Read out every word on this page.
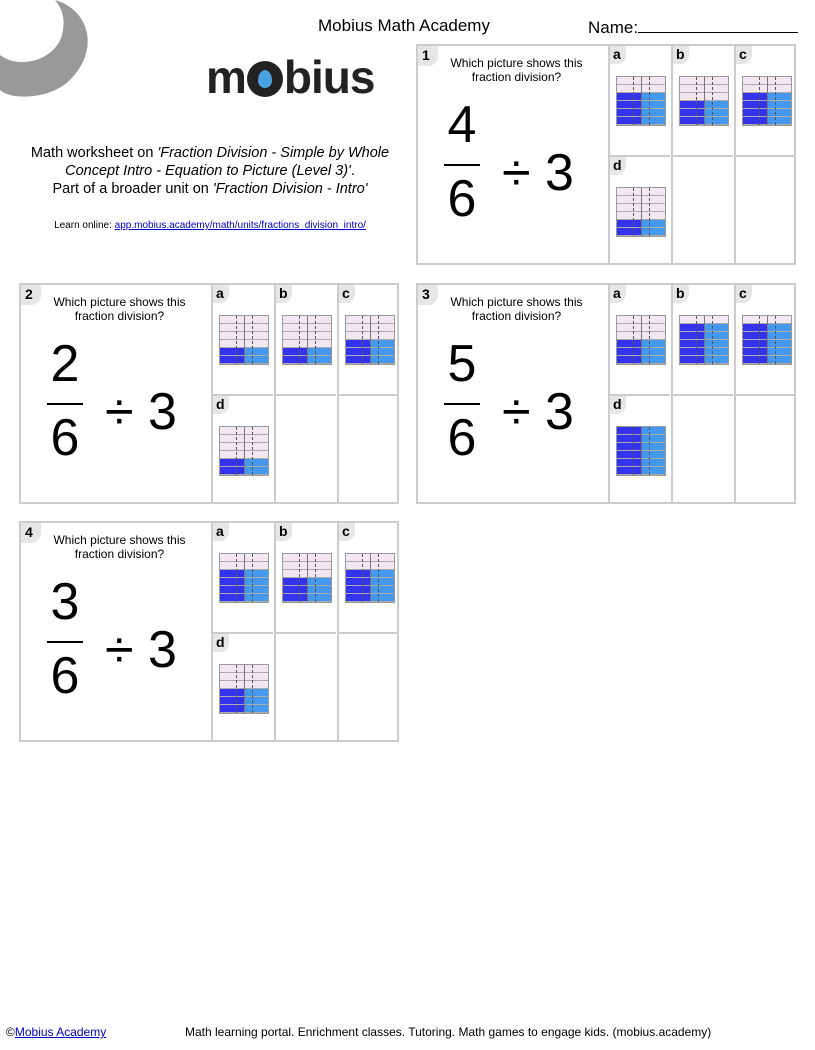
Mobius Math Academy	Name:
m bius
Math worksheet on 'Fraction Division - Simple by Whole Concept Intro - Equation to Picture (Level 3)'.
Part of a broader unit on 'Fraction Division - Intro'
Learn online: app.mobius.academy/math/units/fractions_division_intro/
1	Which picture shows this fraction division?
4
6 ÷ 3
a	b	c
d
2	Which picture shows this fraction division?
2
6 ÷ 3
a	b	c
d
3	Which picture shows this fraction division?
5
6 ÷ 3
a	b	c
d
4	Which picture shows this fraction division?
3
6 ÷ 3
a	b	c
d
©Mobius Academy	Math learning portal. Enrichment classes. Tutoring. Math games to engage kids. (mobius.academy)
